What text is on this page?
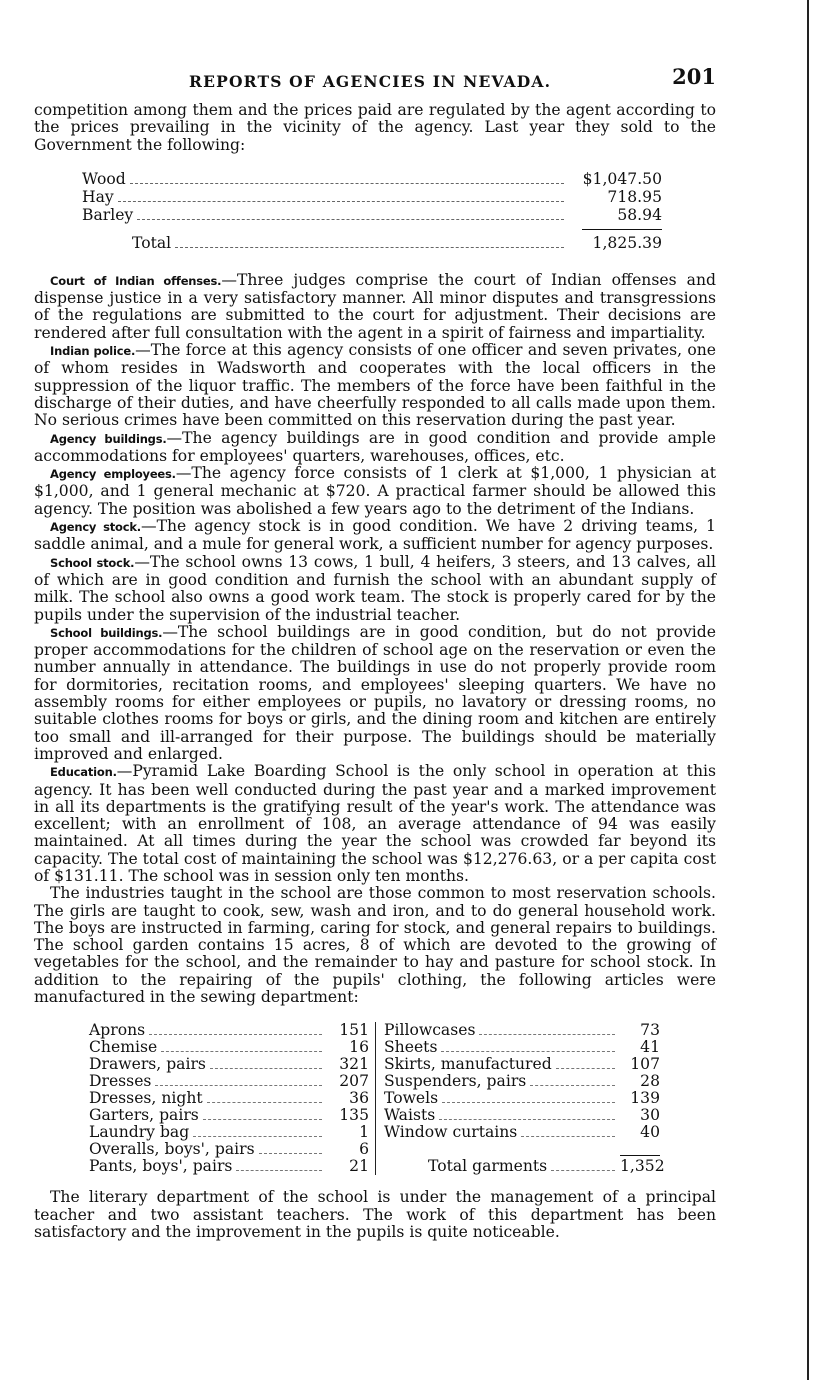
REPORTS OF AGENCIES IN NEVADA.	201

competition among them and the prices paid are regulated by the agent according to the prices prevailing in the vicinity of the agency. Last year they sold to the Government the following:

Wood	$1,047.50
Hay	718.95
Barley	58.94
Total	1,825.39

Court of Indian offenses.—Three judges comprise the court of Indian offenses and dispense justice in a very satisfactory manner. All minor disputes and transgressions of the regulations are submitted to the court for adjustment. Their decisions are rendered after full consultation with the agent in a spirit of fairness and impartiality.

Indian police.—The force at this agency consists of one officer and seven privates, one of whom resides in Wadsworth and cooperates with the local officers in the suppression of the liquor traffic. The members of the force have been faithful in the discharge of their duties, and have cheerfully responded to all calls made upon them. No serious crimes have been committed on this reservation during the past year.

Agency buildings.—The agency buildings are in good condition and provide ample accommodations for employees' quarters, warehouses, offices, etc.

Agency employees.—The agency force consists of 1 clerk at $1,000, 1 physician at $1,000, and 1 general mechanic at $720. A practical farmer should be allowed this agency. The position was abolished a few years ago to the detriment of the Indians.

Agency stock.—The agency stock is in good condition. We have 2 driving teams, 1 saddle animal, and a mule for general work, a sufficient number for agency purposes.

School stock.—The school owns 13 cows, 1 bull, 4 heifers, 3 steers, and 13 calves, all of which are in good condition and furnish the school with an abundant supply of milk. The school also owns a good work team. The stock is properly cared for by the pupils under the supervision of the industrial teacher.

School buildings.—The school buildings are in good condition, but do not provide proper accommodations for the children of school age on the reservation or even the number annually in attendance. The buildings in use do not properly provide room for dormitories, recitation rooms, and employees' sleeping quarters. We have no assembly rooms for either employees or pupils, no lavatory or dressing rooms, no suitable clothes rooms for boys or girls, and the dining room and kitchen are entirely too small and ill-arranged for their purpose. The buildings should be materially improved and enlarged.

Education.—Pyramid Lake Boarding School is the only school in operation at this agency. It has been well conducted during the past year and a marked improvement in all its departments is the gratifying result of the year's work. The attendance was excellent; with an enrollment of 108, an average attendance of 94 was easily maintained. At all times during the year the school was crowded far beyond its capacity. The total cost of maintaining the school was $12,276.63, or a per capita cost of $131.11. The school was in session only ten months.

The industries taught in the school are those common to most reservation schools. The girls are taught to cook, sew, wash and iron, and to do general household work. The boys are instructed in farming, caring for stock, and general repairs to buildings. The school garden contains 15 acres, 8 of which are devoted to the growing of vegetables for the school, and the remainder to hay and pasture for school stock. In addition to the repairing of the pupils' clothing, the following articles were manufactured in the sewing department:

Aprons	151
Chemise	16
Drawers, pairs	321
Dresses	207
Dresses, night	36
Garters, pairs	135
Laundry bag	1
Overalls, boys', pairs	6
Pants, boys', pairs	21
Pillowcases	73
Sheets	41
Skirts, manufactured	107
Suspenders, pairs	28
Towels	139
Waists	30
Window curtains	40
Total garments	1,352

The literary department of the school is under the management of a principal teacher and two assistant teachers. The work of this department has been satisfactory and the improvement in the pupils is quite noticeable.
